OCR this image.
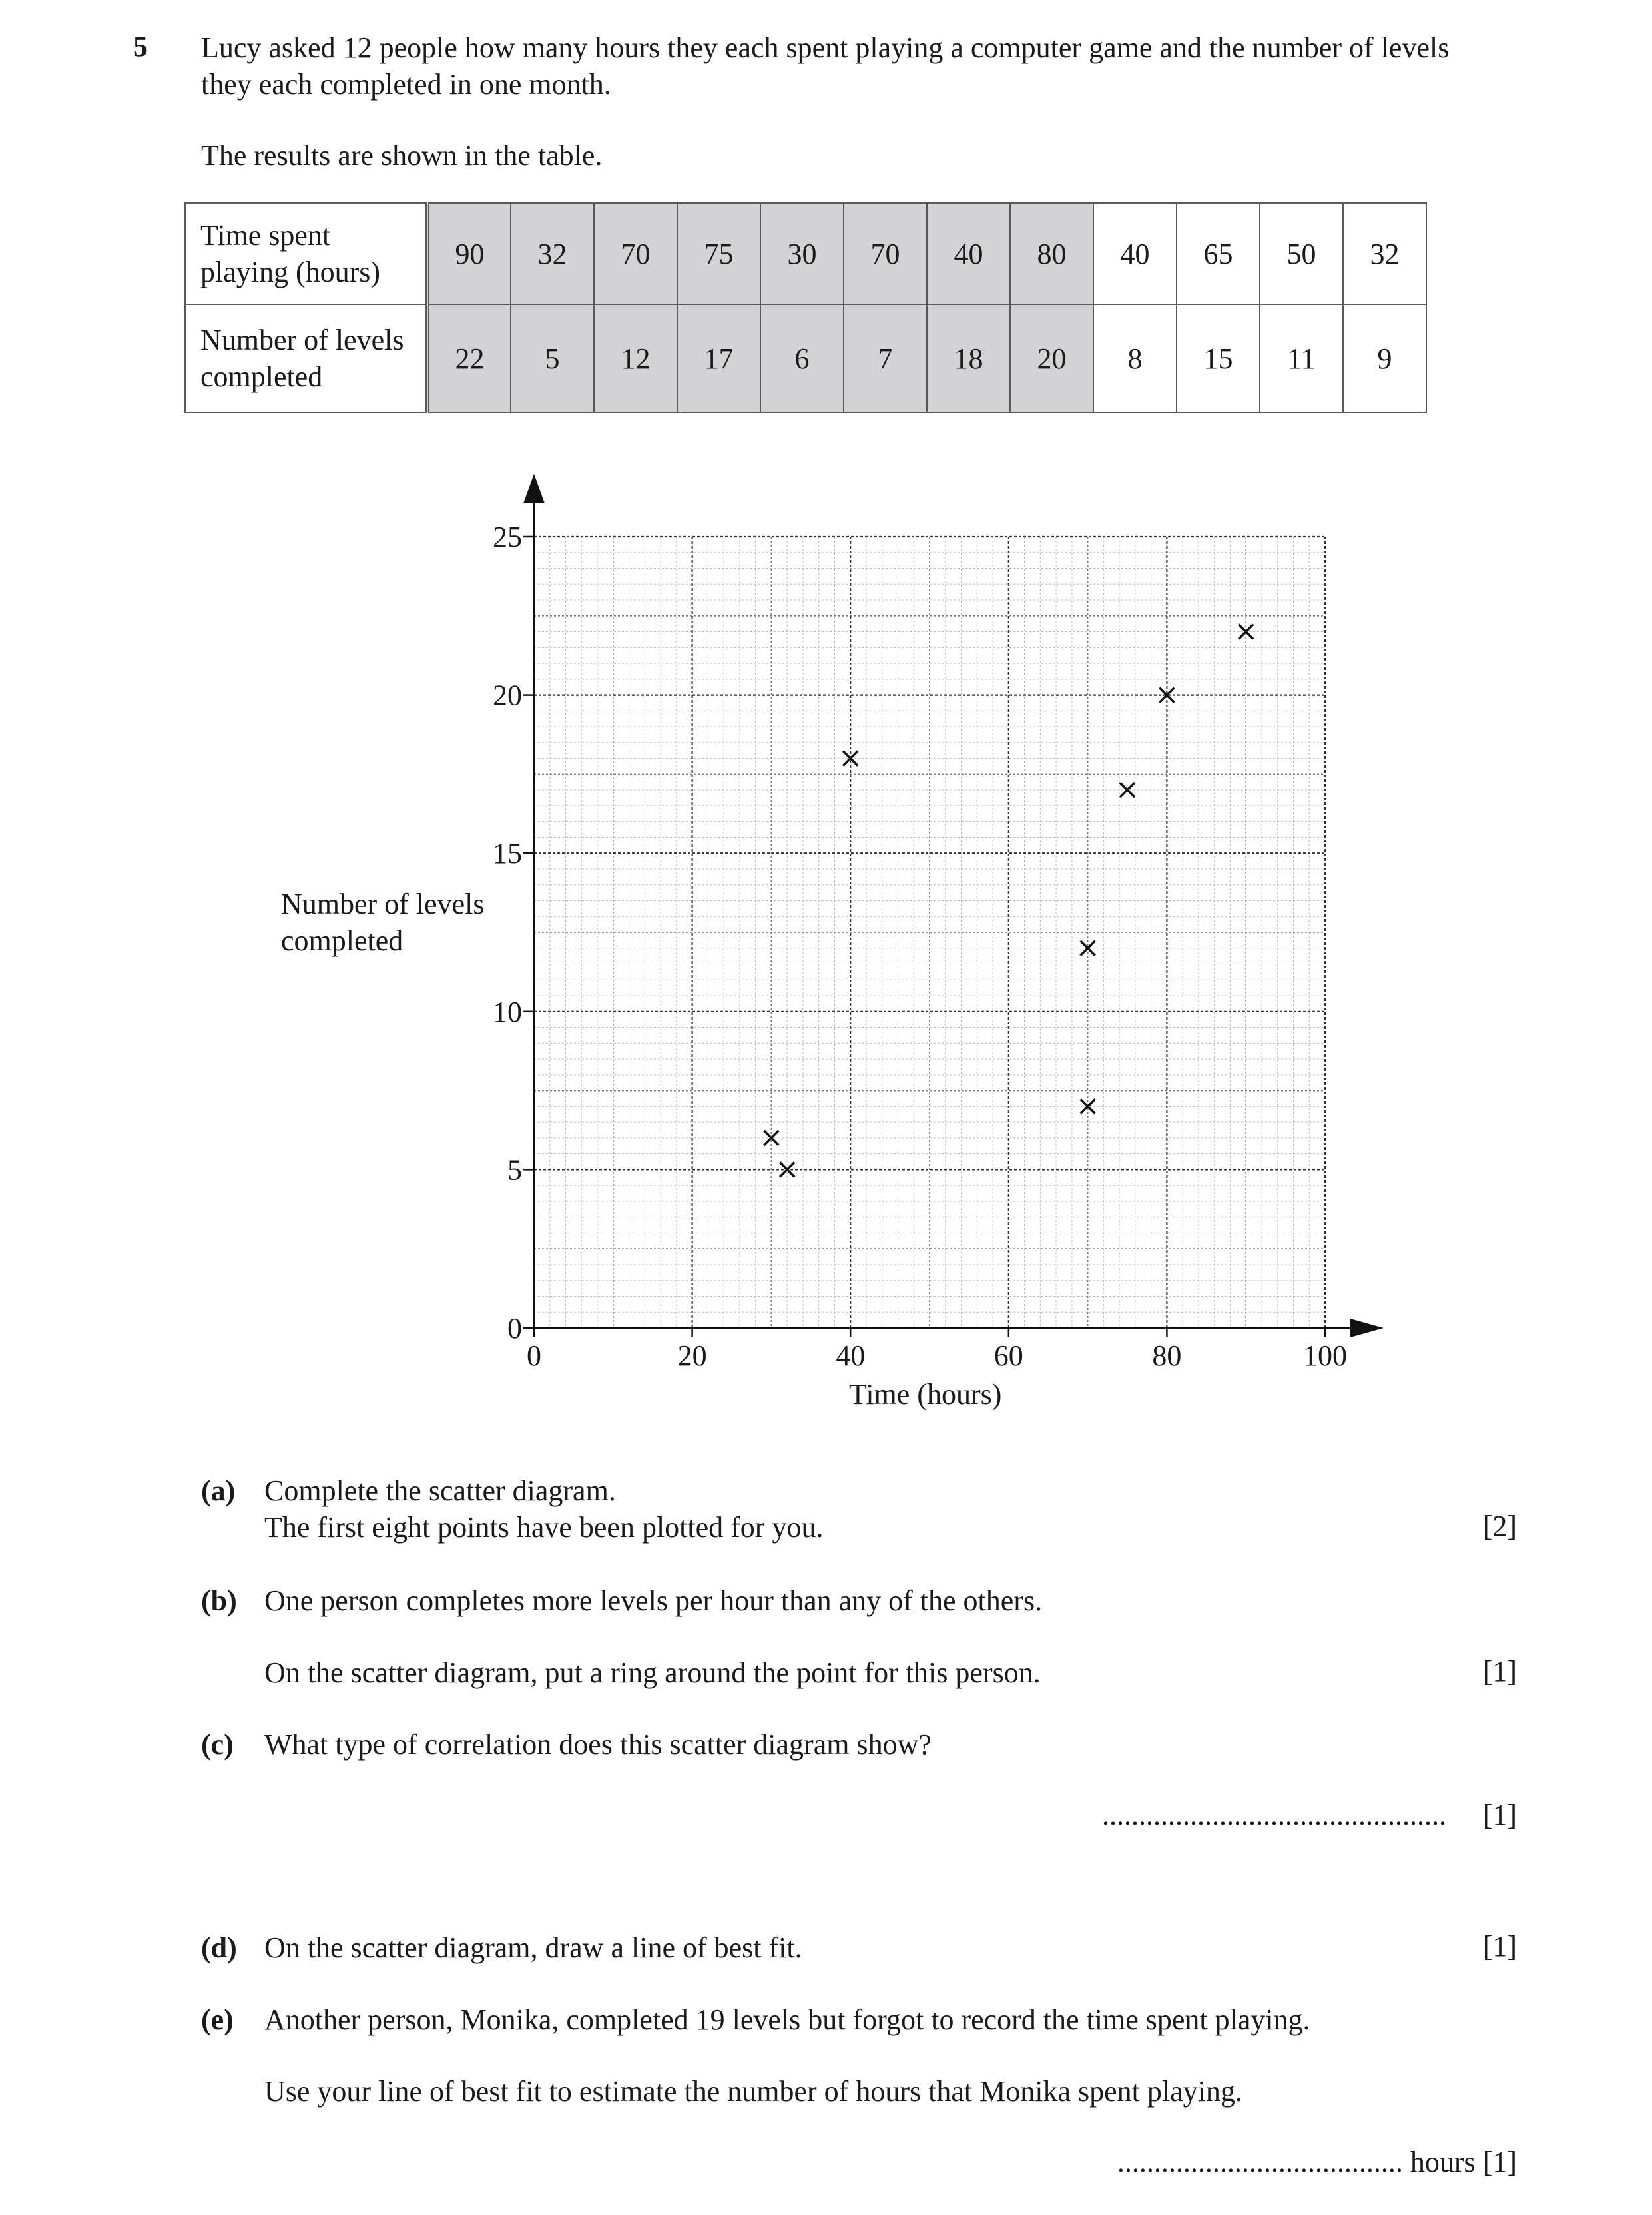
5 Lucy asked 12 people how many hours they each spent playing a computer game and the number of levels
they each completed in one month.
The results are shown in the table.
Time spent
playing (hours)	90	32	70	75	30	70	40	80	40	65	50	32

Number of levels
completed	22	5	12	17	6	7	18	20	8	15	11	9
0	20	40	60	80	100
0
5
10
15
20
25
Number of levels
completed
Time (hours)
(a) Complete the scatter diagram.
The first eight points have been plotted for you.	[2]
(b) One person completes more levels per hour than any of the others.
On the scatter diagram, put a ring around the point for this person.	[1]
(c) What type of correlation does this scatter diagram show?
............................................... [1]
(d) On the scatter diagram, draw a line of best fit.	[1]
(e) Another person, Monika, completed 19 levels but forgot to record the time spent playing.
Use your line of best fit to estimate the number of hours that Monika spent playing.
....................................... hours [1]
